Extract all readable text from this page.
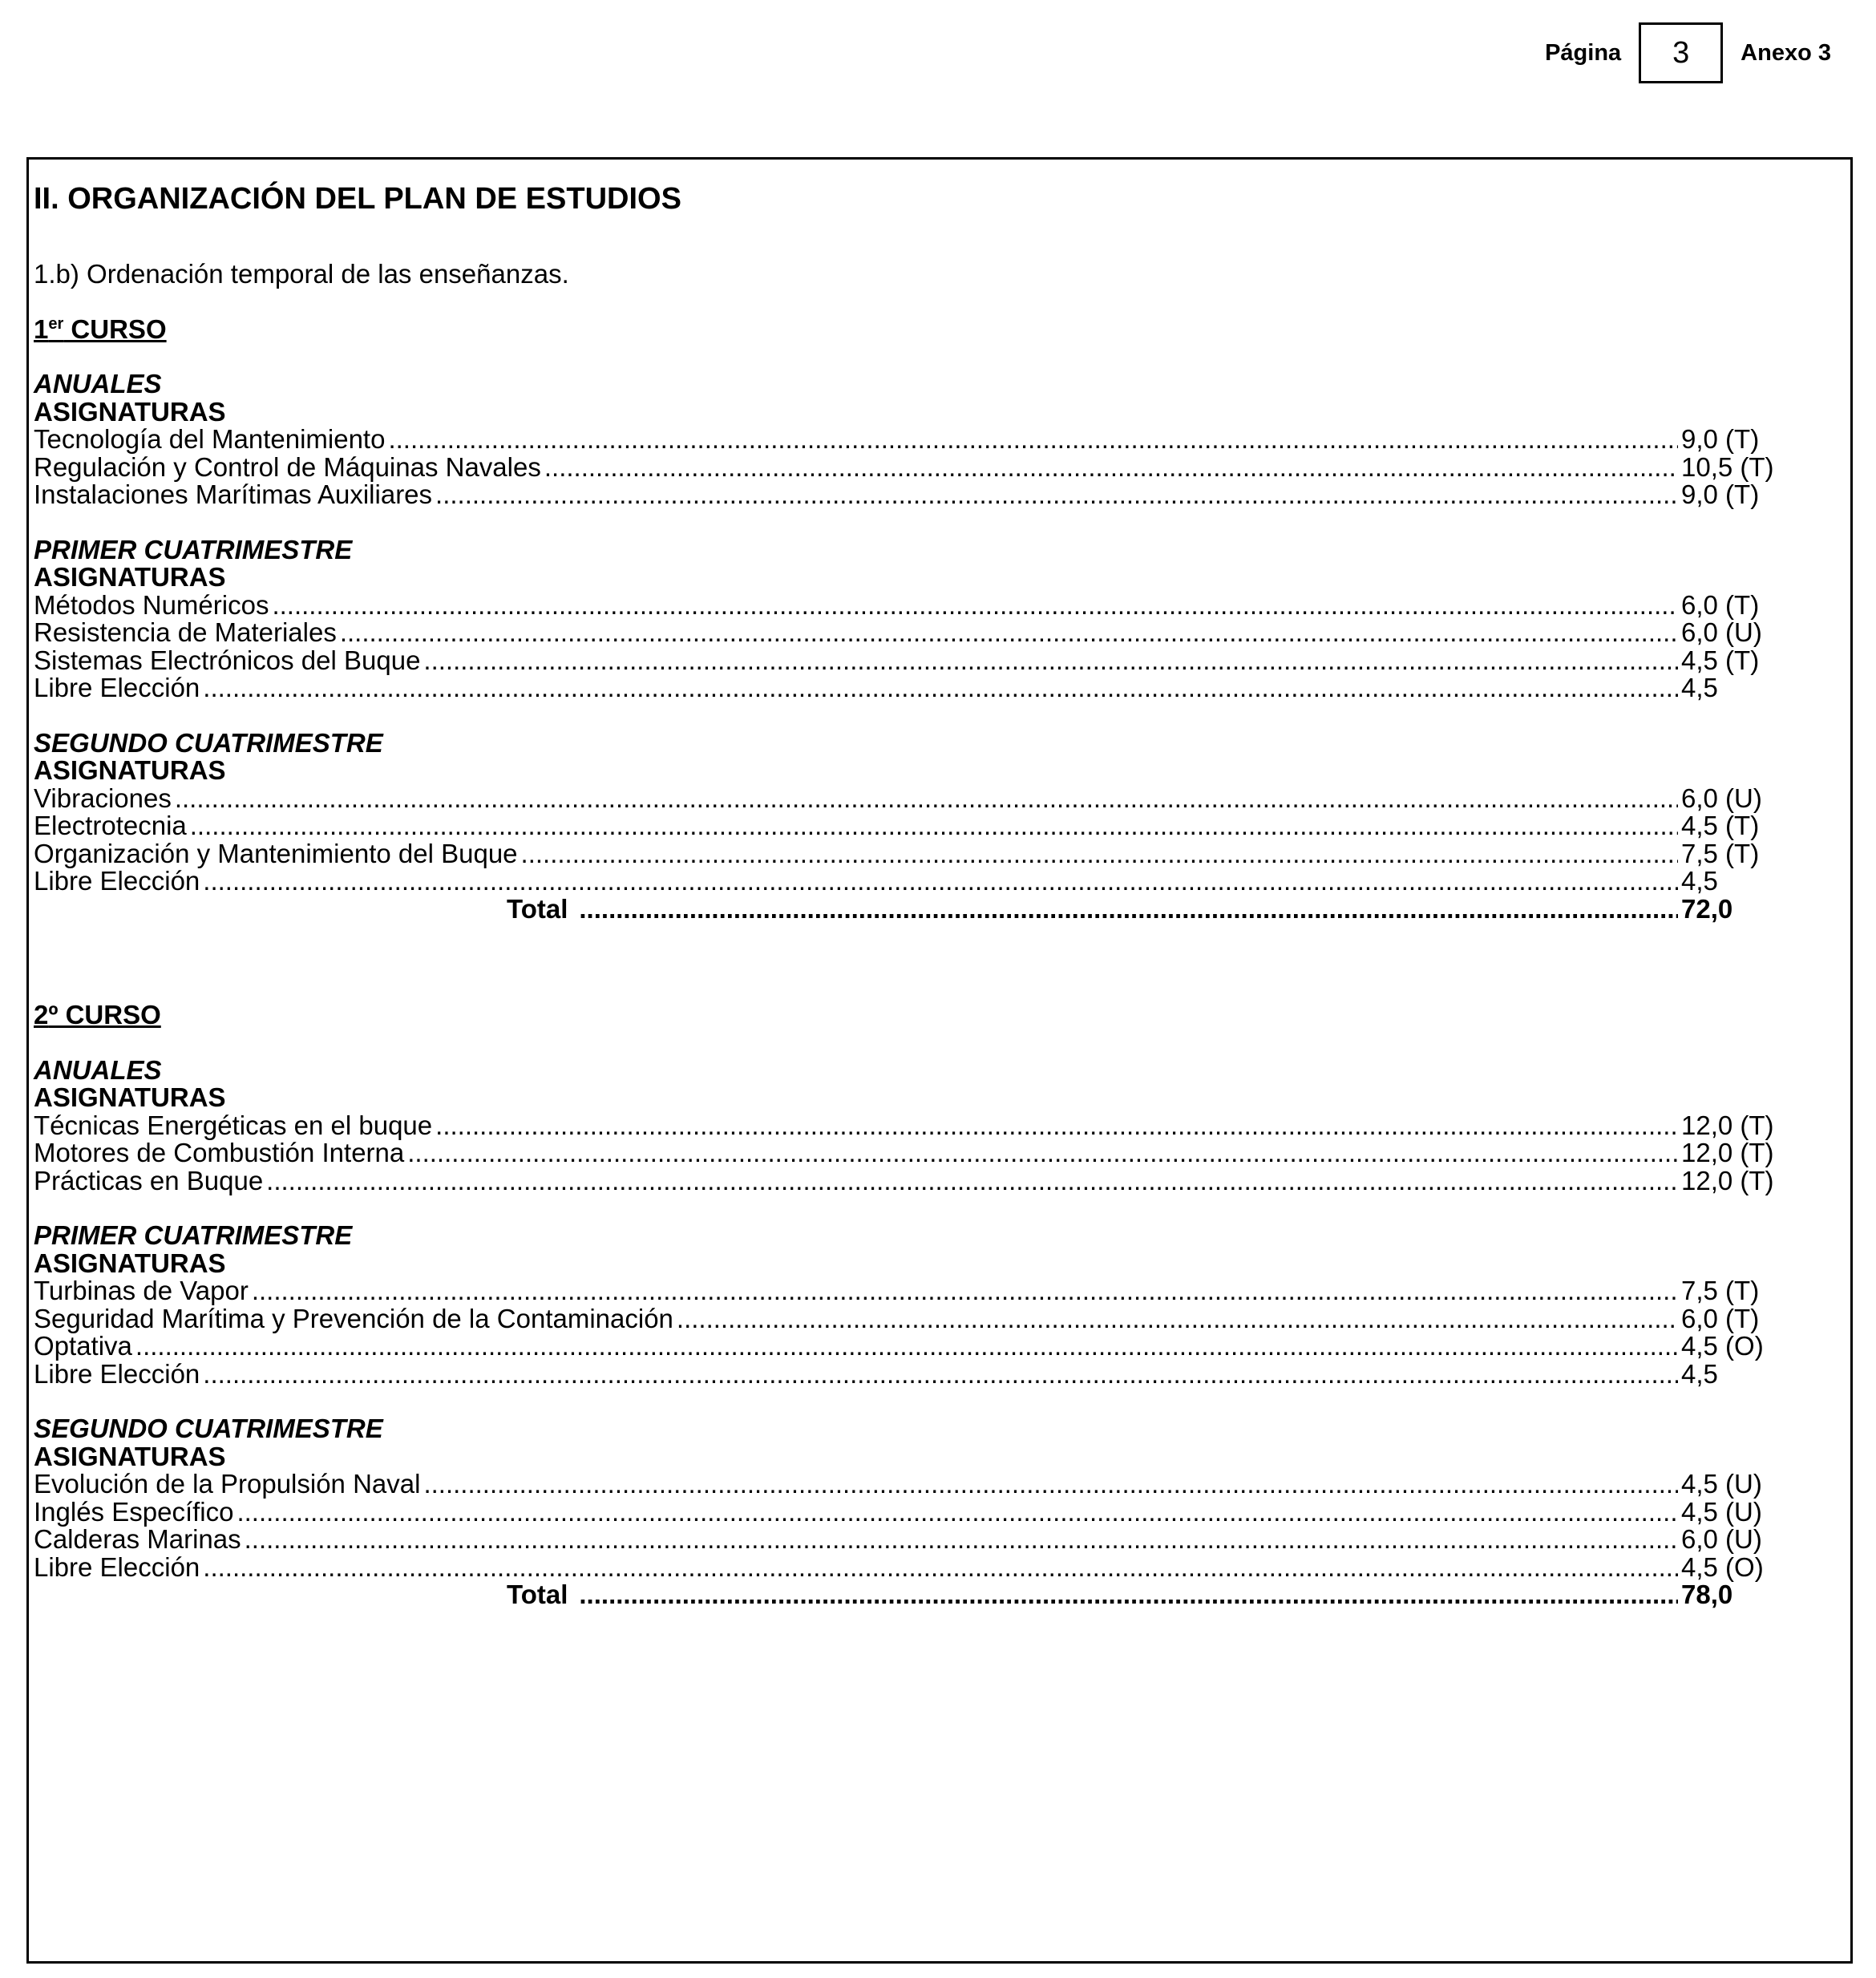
Página	3	Anexo 3
II. ORGANIZACIÓN DEL PLAN DE ESTUDIOS

1.b) Ordenación temporal de las enseñanzas.

1er CURSO

ANUALES
ASIGNATURAS
Tecnología del Mantenimiento .....	9,0 (T)
Regulación y Control de Máquinas Navales .....	10,5 (T)
Instalaciones Marítimas Auxiliares .....	9,0 (T)
PRIMER CUATRIMESTRE
ASIGNATURAS
Métodos Numéricos .....	6,0 (T)
Resistencia de Materiales .....	6,0 (U)
Sistemas Electrónicos del Buque .....	4,5 (T)
Libre Elección .....	4,5
SEGUNDO CUATRIMESTRE
ASIGNATURAS
Vibraciones .....	6,0 (U)
Electrotecnia .....	4,5 (T)
Organización y Mantenimiento del Buque .....	7,5 (T)
Libre Elección .....	4,5
Total .....	72,0

2º CURSO

ANUALES
ASIGNATURAS
Técnicas Energéticas en el buque .....	12,0 (T)
Motores de Combustión Interna .....	12,0 (T)
Prácticas en Buque .....	12,0 (T)
PRIMER CUATRIMESTRE
ASIGNATURAS
Turbinas de Vapor .....	7,5 (T)
Seguridad Marítima y Prevención de la Contaminación .....	6,0 (T)
Optativa .....	4,5 (O)
Libre Elección .....	4,5
SEGUNDO CUATRIMESTRE
ASIGNATURAS
Evolución de la Propulsión Naval .....	4,5 (U)
Inglés Específico .....	4,5 (U)
Calderas Marinas .....	6,0 (U)
Libre Elección .....	4,5 (O)
Total .....	78,0
